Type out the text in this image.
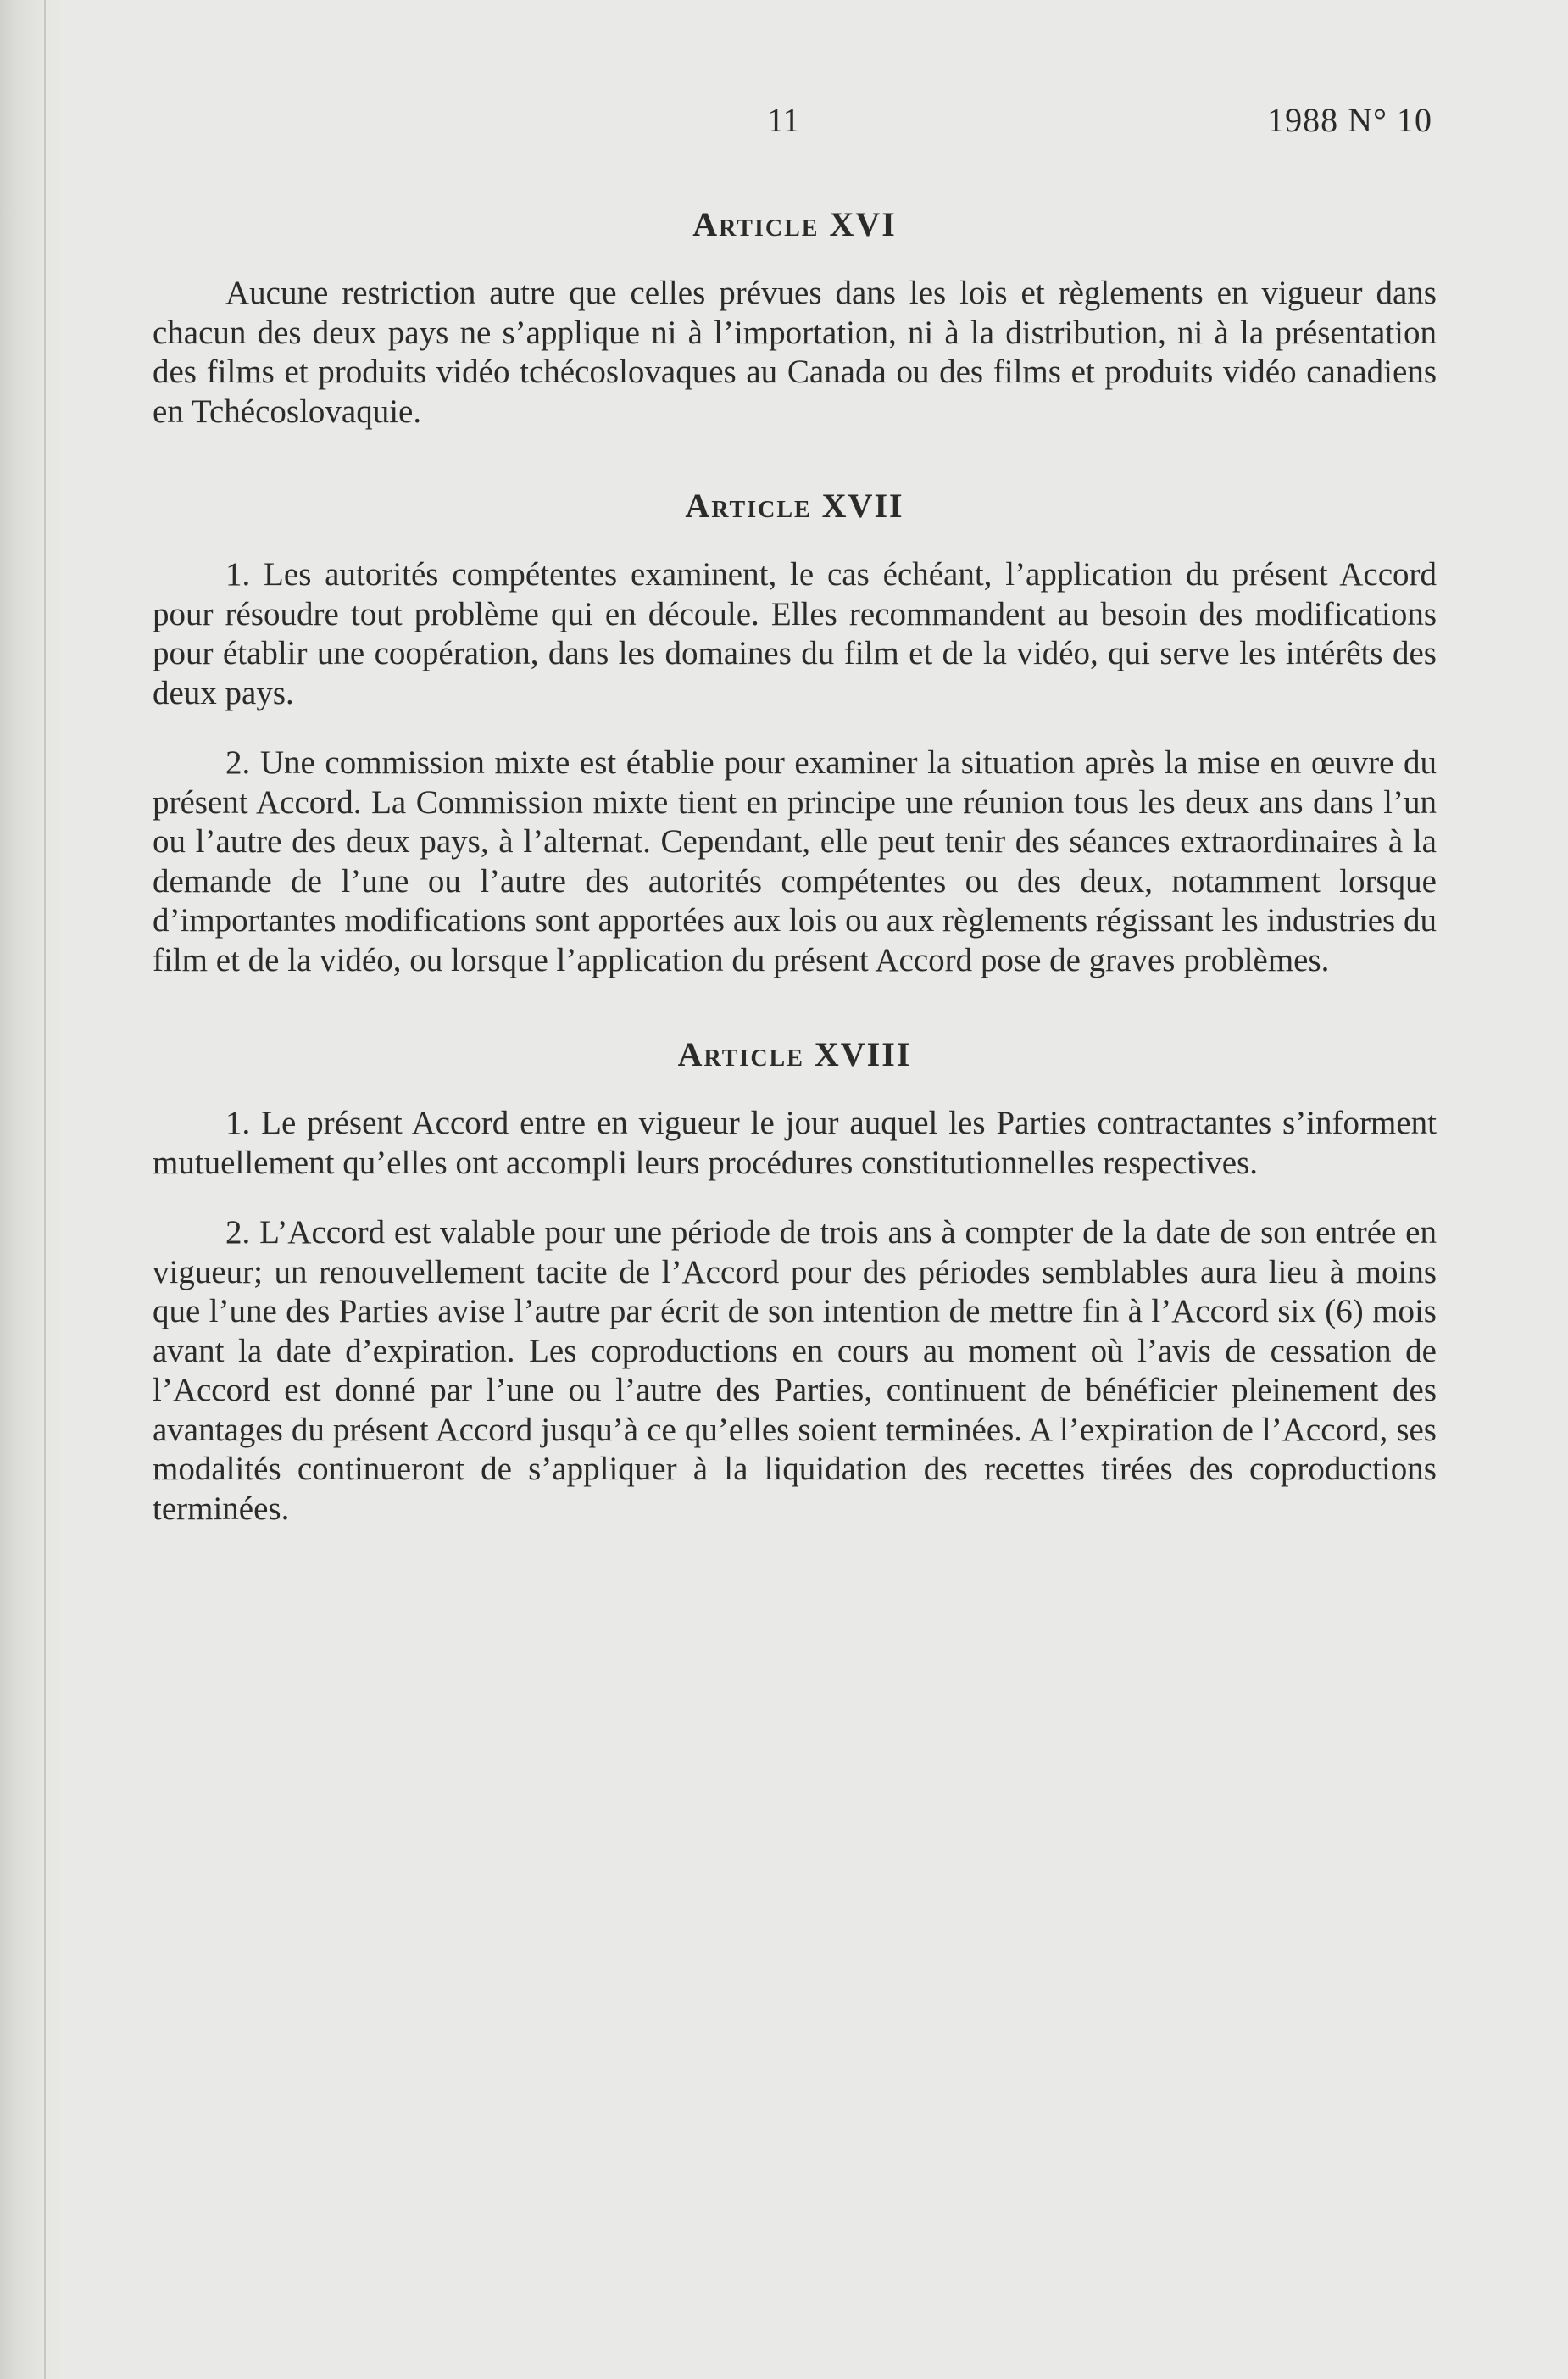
11	1988 N° 10
Article XVI

Aucune restriction autre que celles prévues dans les lois et règlements en vigueur dans chacun des deux pays ne s’applique ni à l’importation, ni à la distribution, ni à la présentation des films et produits vidéo tchécoslovaques au Canada ou des films et produits vidéo canadiens en Tchécoslovaquie.

Article XVII

1. Les autorités compétentes examinent, le cas échéant, l’application du présent Accord pour résoudre tout problème qui en découle. Elles recommandent au besoin des modifications pour établir une coopération, dans les domaines du film et de la vidéo, qui serve les intérêts des deux pays.

2. Une commission mixte est établie pour examiner la situation après la mise en œuvre du présent Accord. La Commission mixte tient en principe une réunion tous les deux ans dans l’un ou l’autre des deux pays, à l’alternat. Cependant, elle peut tenir des séances extraordinaires à la demande de l’une ou l’autre des autorités compétentes ou des deux, notamment lorsque d’importantes modifications sont apportées aux lois ou aux règlements régissant les industries du film et de la vidéo, ou lorsque l’application du présent Accord pose de graves problèmes.

Article XVIII

1. Le présent Accord entre en vigueur le jour auquel les Parties contractantes s’informent mutuellement qu’elles ont accompli leurs procédures constitutionnelles respectives.

2. L’Accord est valable pour une période de trois ans à compter de la date de son entrée en vigueur; un renouvellement tacite de l’Accord pour des périodes semblables aura lieu à moins que l’une des Parties avise l’autre par écrit de son intention de mettre fin à l’Accord six (6) mois avant la date d’expiration. Les coproductions en cours au moment où l’avis de cessation de l’Accord est donné par l’une ou l’autre des Parties, continuent de bénéficier pleinement des avantages du présent Accord jusqu’à ce qu’elles soient terminées. A l’expiration de l’Accord, ses modalités continueront de s’appliquer à la liquidation des recettes tirées des coproductions terminées.
